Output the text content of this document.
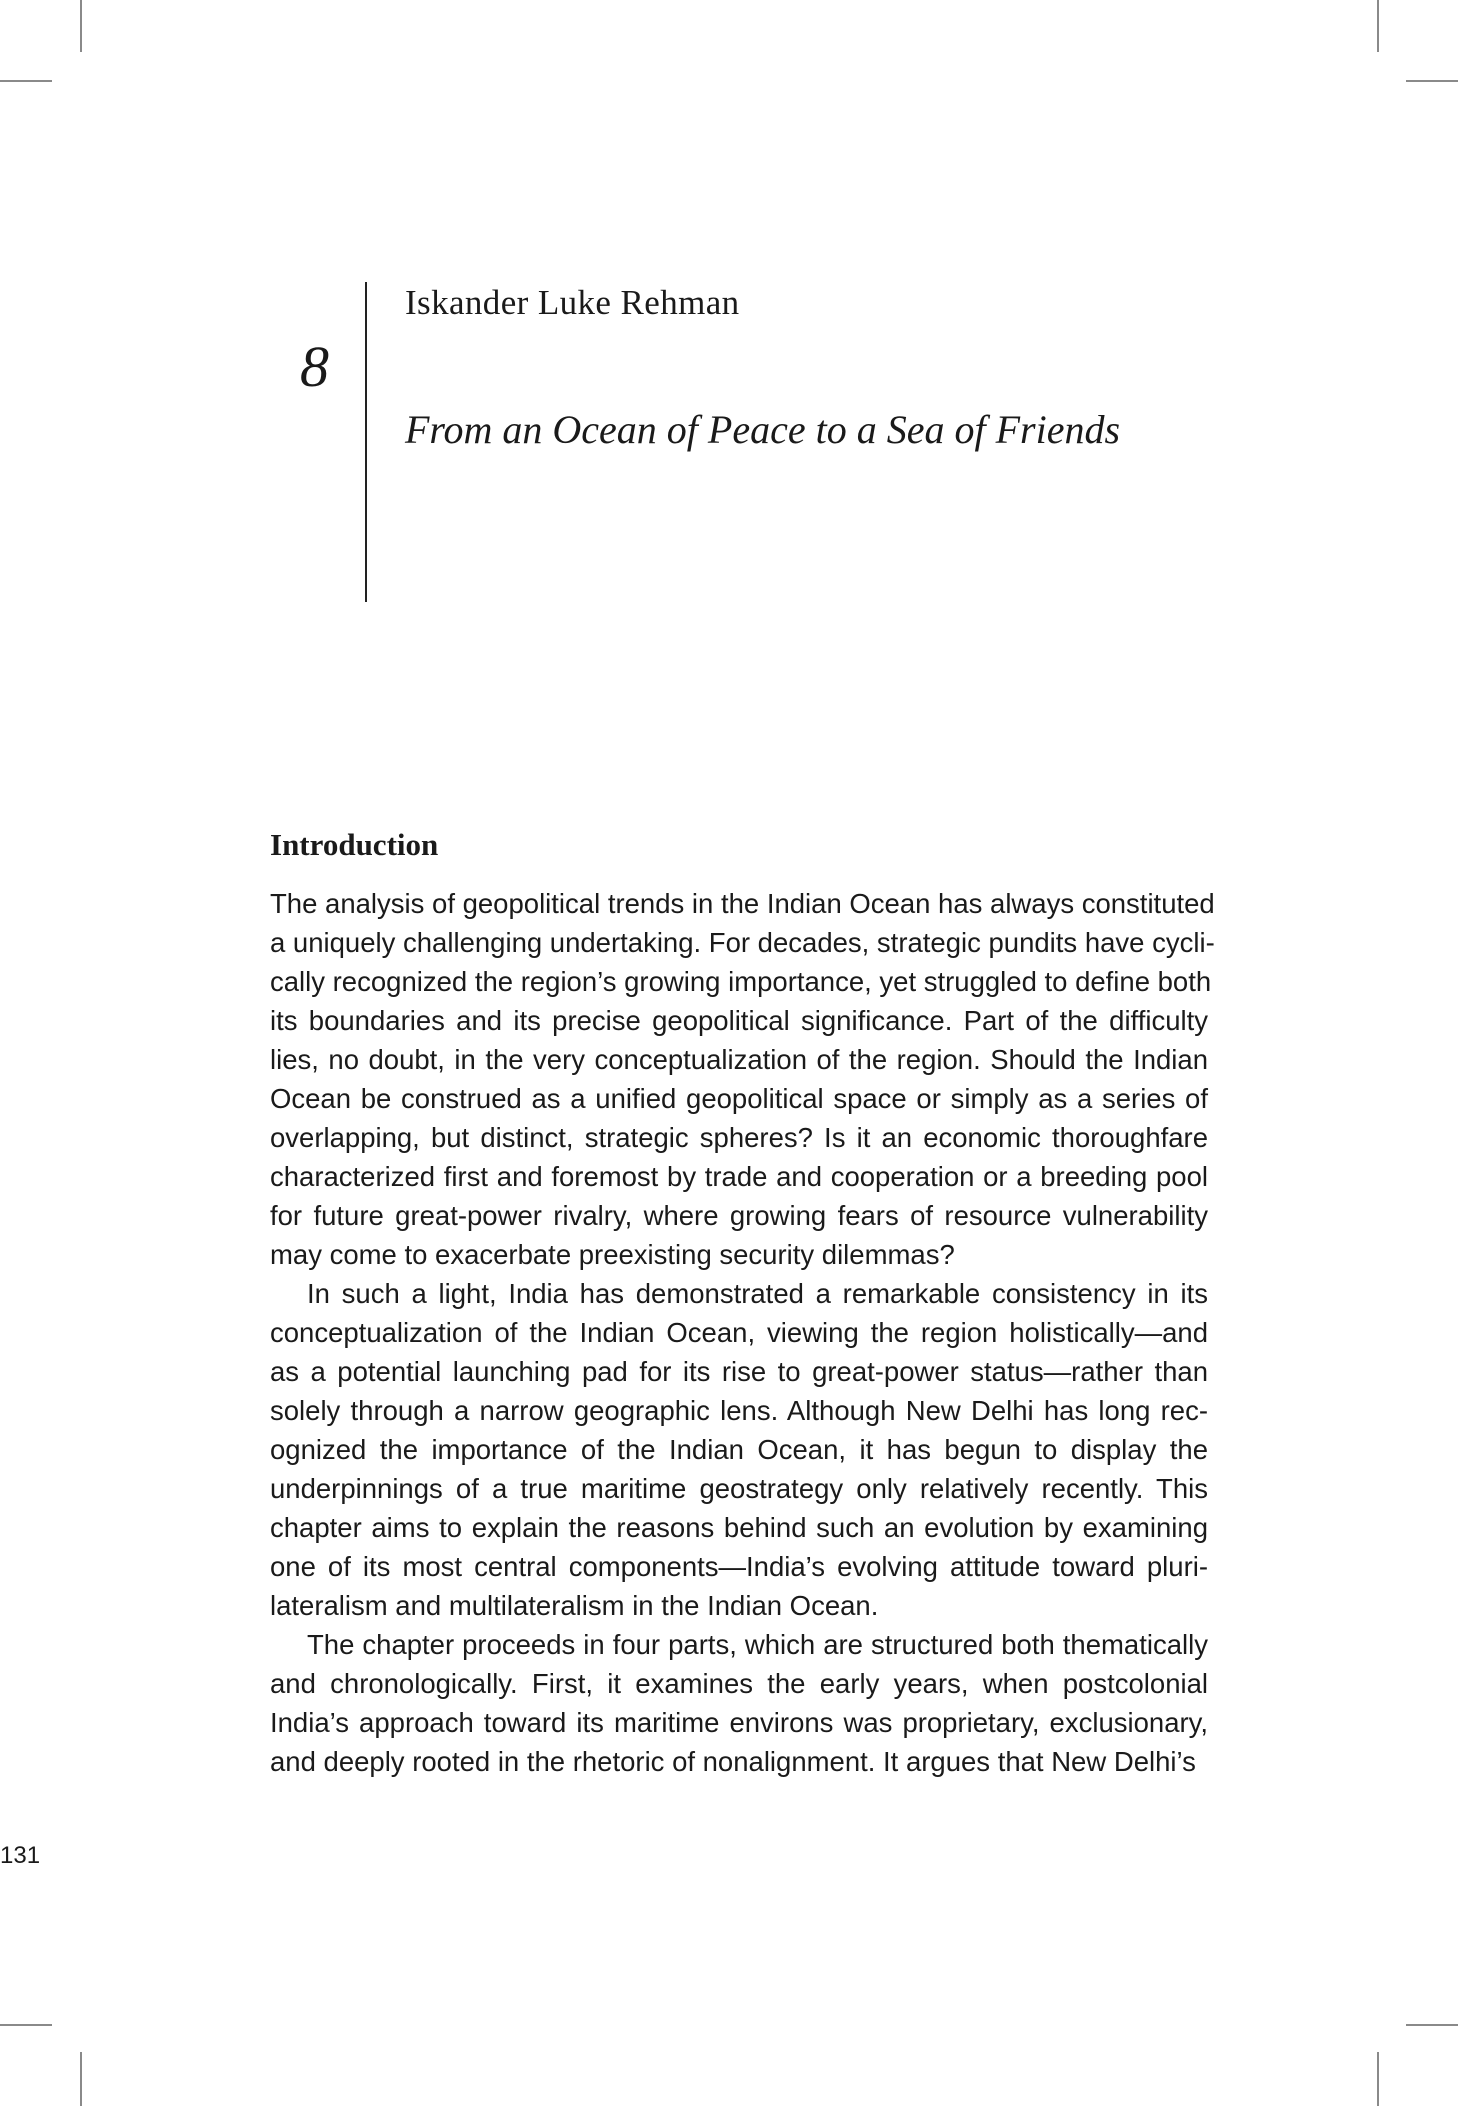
8
Iskander Luke Rehman
From an Ocean of Peace to a Sea of Friends
Introduction
The analysis of geopolitical trends in the Indian Ocean has always constituted
a uniquely challenging undertaking. For decades, strategic pundits have cycli-
cally recognized the region’s growing importance, yet struggled to define both
its boundaries and its precise geopolitical significance. Part of the difficulty
lies, no doubt, in the very conceptualization of the region. Should the Indian
Ocean be construed as a unified geopolitical space or simply as a series of
overlapping, but distinct, strategic spheres? Is it an economic thoroughfare
characterized first and foremost by trade and cooperation or a breeding pool
for future great-power rivalry, where growing fears of resource vulnerability
may come to exacerbate preexisting security dilemmas?
In such a light, India has demonstrated a remarkable consistency in its
conceptualization of the Indian Ocean, viewing the region holistically—and
as a potential launching pad for its rise to great-power status—rather than
solely through a narrow geographic lens. Although New Delhi has long rec-
ognized the importance of the Indian Ocean, it has begun to display the
underpinnings of a true maritime geostrategy only relatively recently. This
chapter aims to explain the reasons behind such an evolution by examining
one of its most central components—India’s evolving attitude toward pluri-
lateralism and multilateralism in the Indian Ocean.
The chapter proceeds in four parts, which are structured both thematically
and chronologically. First, it examines the early years, when postcolonial
India’s approach toward its maritime environs was proprietary, exclusionary,
and deeply rooted in the rhetoric of nonalignment. It argues that New Delhi’s
131
